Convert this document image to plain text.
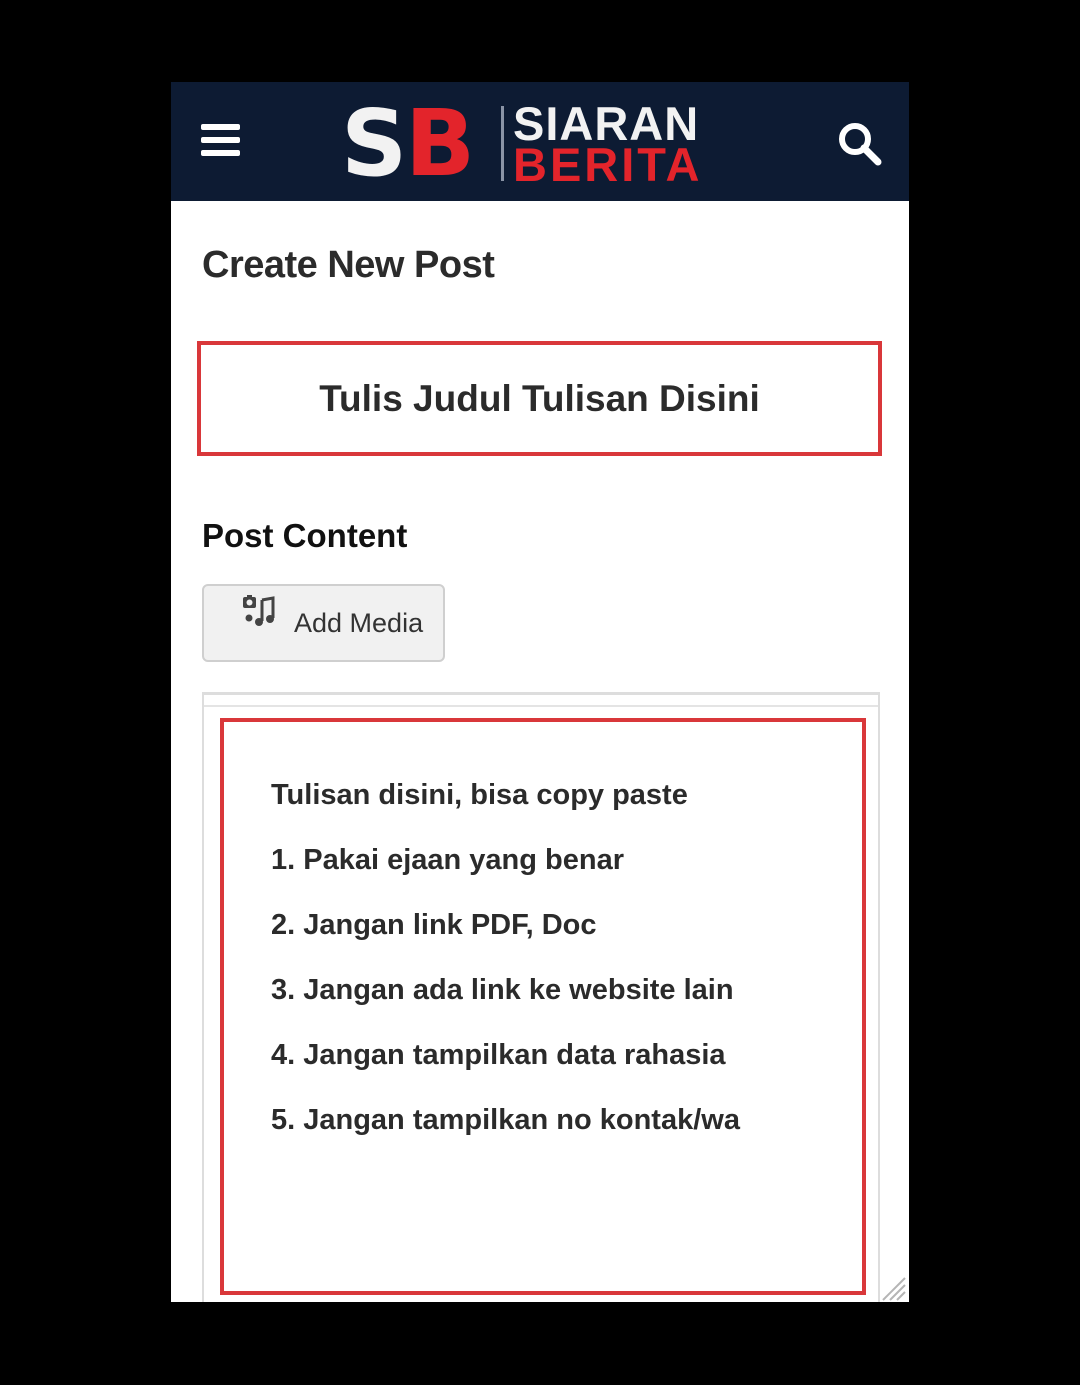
S B SIARAN
BERITA
Create New Post
Tulis Judul Tulisan Disini
Post Content
Add Media
Tulisan disini, bisa copy paste
1. Pakai ejaan yang benar
2. Jangan link PDF, Doc
3. Jangan ada link ke website lain
4. Jangan tampilkan data rahasia
5. Jangan tampilkan no kontak/wa
